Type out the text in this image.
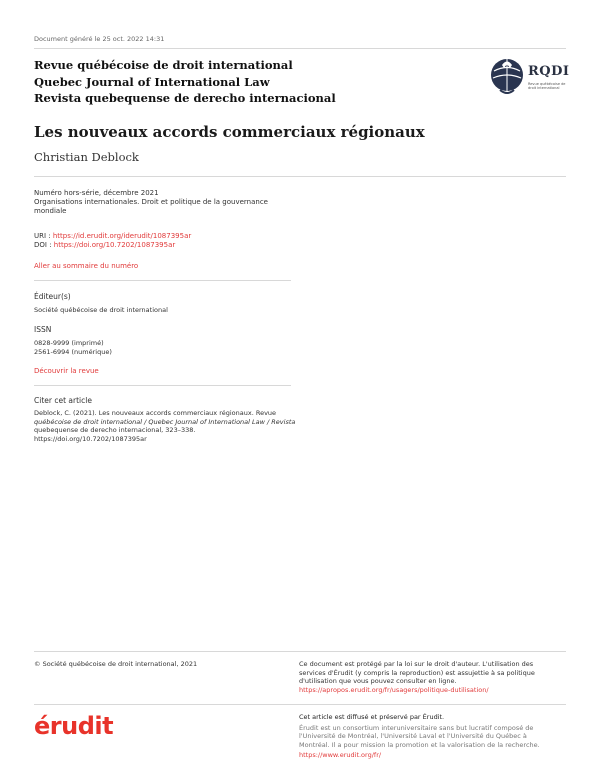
Document généré le 25 oct. 2022 14:31
Revue québécoise de droit international
Quebec Journal of International Law
Revista quebequense de derecho internacional
RQDI
Revue québécoise de droit international
Les nouveaux accords commerciaux régionaux
Christian Deblock
Numéro hors-série, décembre 2021
Organisations internationales. Droit et politique de la gouvernance mondiale
URI : https://id.erudit.org/iderudit/1087395ar
DOI : https://doi.org/10.7202/1087395ar
Aller au sommaire du numéro
Éditeur(s)
Société québécoise de droit international
ISSN
0828-9999 (imprimé)
2561-6994 (numérique)
Découvrir la revue
Citer cet article
Deblock, C. (2021). Les nouveaux accords commerciaux régionaux. Revue
québécoise de droit international / Quebec Journal of International Law / Revista
quebequense de derecho internacional, 323–338.
https://doi.org/10.7202/1087395ar
© Société québécoise de droit international, 2021	Ce document est protégé par la loi sur le droit d'auteur. L'utilisation des
services d'Érudit (y compris la reproduction) est assujettie à sa politique
d'utilisation que vous pouvez consulter en ligne.
https://apropos.erudit.org/fr/usagers/politique-dutilisation/
érudit	Cet article est diffusé et préservé par Érudit.
Érudit est un consortium interuniversitaire sans but lucratif composé de
l'Université de Montréal, l'Université Laval et l'Université du Québec à
Montréal. Il a pour mission la promotion et la valorisation de la recherche.
https://www.erudit.org/fr/
